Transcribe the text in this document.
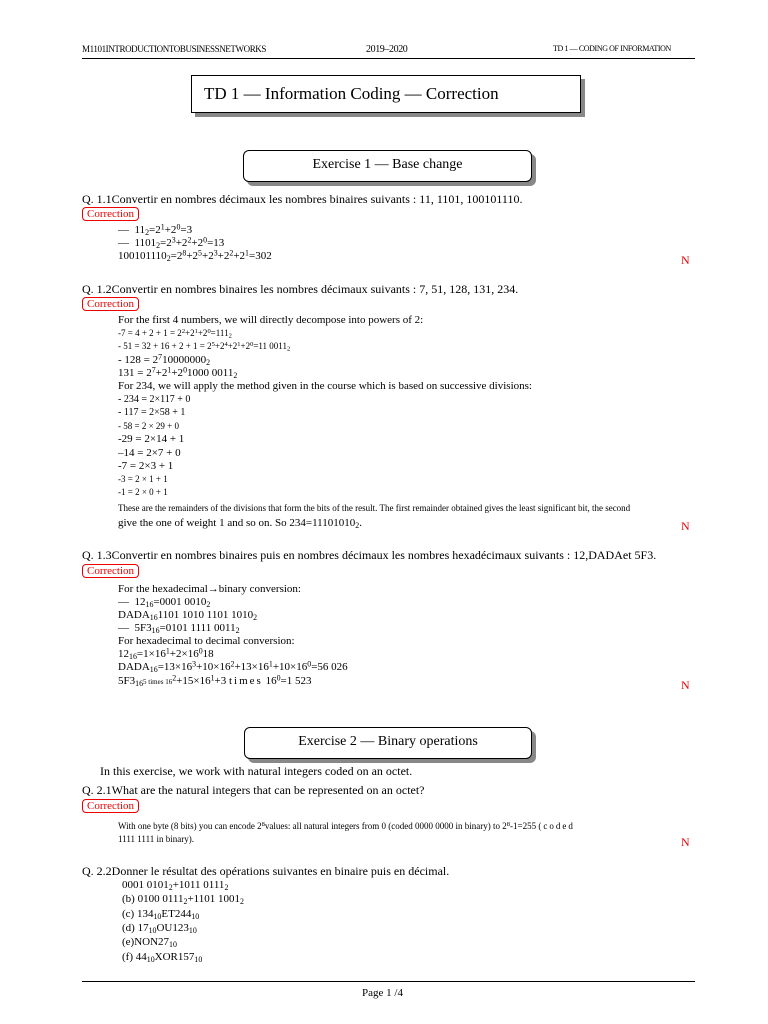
M1101INTRODUCTIONTOBUSINESSNETWORKS	2019–2020	TD 1 — CODING OF INFORMATION
TD 1 — Information Coding — Correction
Exercise 1 — Base change
Q. 1.1Convertir en nombres décimaux les nombres binaires suivants : 11, 1101, 100101110.
Correction
—  $11_2=2^1+2^0=3$
—  $1101_2=2^3+2^2+2^0=13$
$100101110_2=2^8+2^5+2^3+2^2+2^1=302$	N
Q. 1.2Convertir en nombres binaires les nombres décimaux suivants : 7, 51, 128, 131, 234.
Correction
For the first 4 numbers, we will directly decompose into powers of 2:
$-7 = 4 + 2 + 1 = 2^2+2^1+2^0=111_2$
- $51 = 32 + 16 + 2 + 1 = 2^5+2^4+2^1+2^0=11$ $0011_2$
- $128 = 2^710000000_2$
$131 = 2^7+2^1+2^01000$ $0011_2$
For 234, we will apply the method given in the course which is based on successive divisions:
- 234 = 2×117 + 0
- 117 = 2×58 + 1
- 58 = 2 × 29 + 0
-29 = 2×14 + 1
–14 = 2×7 + 0
-7 = 2×3 + 1
-3 = 2 × 1 + 1
-1 = 2 × 0 + 1
These are the remainders of the divisions that form the bits of the result. The first remainder obtained gives the least significant bit, the second
give the one of weight 1 and so on. So $234=11101010_2$.	N
Q. 1.3Convertir en nombres binaires puis en nombres décimaux les nombres hexadécimaux suivants : 12,DADAet 5F3.
Correction
For the hexadecimal→binary conversion:
—  $12_{16}=0001$ $0010_2$
$DADA_{16}1101$ 1010 1101 $1010_2$
—  $5F3_{16}=0101$ 1111 $0011_2$
For hexadecimal to decimal conversion:
$12_{16}=1\times 16^1+2\times 16^018$
$DADA_{16}=13\times 16^3+10\times 16^2+13\times 16^1+10\times 16^0=56$ 026
$5F3_{16}5$ times $16^2+15\times 16^1+3$ times $16^0=1$ 523	N
Exercise 2 — Binary operations
In this exercise, we work with natural integers coded on an octet.
Q. 2.1What are the natural integers that can be represented on an octet?
Correction
With one byte (8 bits) you can encode $2^8values$: all natural integers from 0 (coded 0000 0000 in binary) to $2^8-1=255$ (coded
1111 1111 in binary).	N
Q. 2.2Donner le résultat des opérations suivantes en binaire puis en décimal.
0001 $0101_2+1011$ $0111_2$
(b) 0100 $0111_2+1101$ $1001_2$
(c) $134_{10}ET244_{10}$
(d) $17_{10}OU123_{10}$
$(e)NON27_{10}$
(f) $44_{10}XOR157_{10}$
Page 1 /4
